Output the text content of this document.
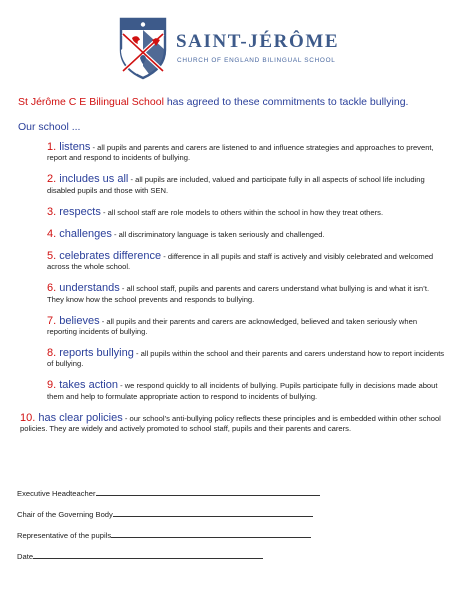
SAINT-JÉRÔME
CHURCH OF ENGLAND BILINGUAL SCHOOL
St Jérôme C E Bilingual School has agreed to these commitments to tackle bullying.
Our school ...
1. listens - all pupils and parents and carers are listened to and influence strategies and approaches to prevent, report and respond to incidents of bullying.
2. includes us all - all pupils are included, valued and participate fully in all aspects of school life including disabled pupils and those with SEN.
3. respects - all school staff are role models to others within the school in how they treat others.
4. challenges - all discriminatory language is taken seriously and challenged.
5. celebrates difference - difference in all pupils and staff is actively and visibly celebrated and welcomed across the whole school.
6. understands - all school staff, pupils and parents and carers understand what bullying is and what it isn’t. They know how the school prevents and responds to bullying.
7. believes - all pupils and their parents and carers are acknowledged, believed and taken seriously when reporting incidents of bullying.
8. reports bullying - all pupils within the school and their parents and carers understand how to report incidents of bullying.
9. takes action - we respond quickly to all incidents of bullying. Pupils participate fully in decisions made about them and help to formulate appropriate action to respond to incidents of bullying.
10. has clear policies - our school’s anti-bullying policy reflects these principles and is embedded within other school policies. They are widely and actively promoted to school staff, pupils and their parents and carers.
Executive Headteacher
Chair of the Governing Body
Representative of the pupils
Date
